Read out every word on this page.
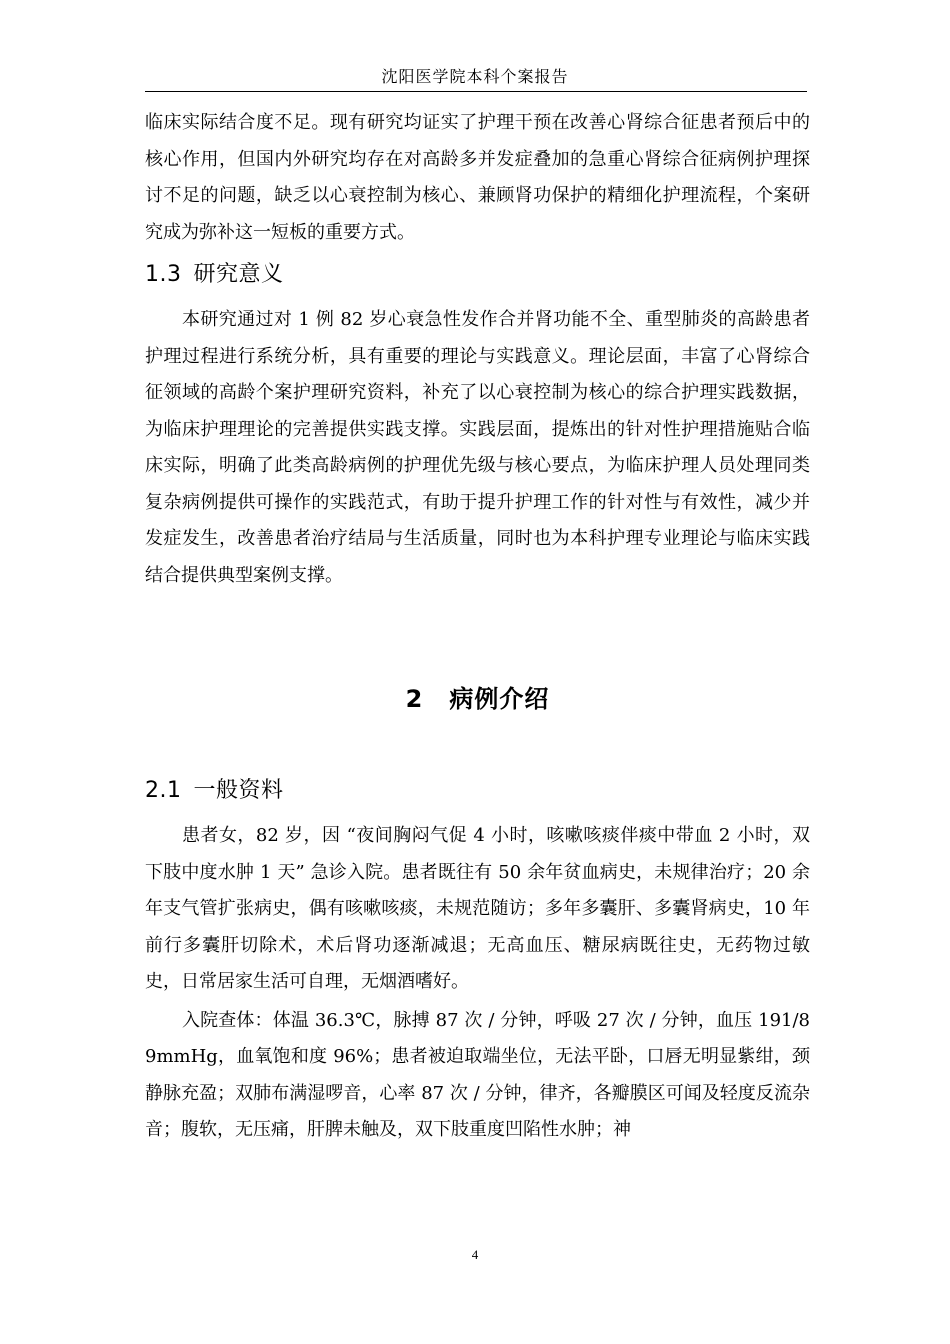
沈阳医学院本科个案报告

临床实际结合度不足。现有研究均证实了护理干预在改善心肾综合征患者预后中的核心作用，但国内外研究均存在对高龄多并发症叠加的急重心肾综合征病例护理探讨不足的问题，缺乏以心衰控制为核心、兼顾肾功保护的精细化护理流程，个案研究成为弥补这一短板的重要方式。

1.3 研究意义

本研究通过对 1 例 82 岁心衰急性发作合并肾功能不全、重型肺炎的高龄患者护理过程进行系统分析，具有重要的理论与实践意义。理论层面，丰富了心肾综合征领域的高龄个案护理研究资料，补充了以心衰控制为核心的综合护理实践数据，为临床护理理论的完善提供实践支撑。实践层面，提炼出的针对性护理措施贴合临床实际，明确了此类高龄病例的护理优先级与核心要点，为临床护理人员处理同类复杂病例提供可操作的实践范式，有助于提升护理工作的针对性与有效性，减少并发症发生，改善患者治疗结局与生活质量，同时也为本科护理专业理论与临床实践结合提供典型案例支撑。

2 病例介绍
2.1 一般资料

患者女，82 岁，因 “夜间胸闷气促 4 小时，咳嗽咳痰伴痰中带血 2 小时，双下肢中度水肿 1 天” 急诊入院。患者既往有 50 余年贫血病史，未规律治疗；20 余年支气管扩张病史，偶有咳嗽咳痰，未规范随访；多年多囊肝、多囊肾病史，10 年前行多囊肝切除术，术后肾功逐渐减退；无高血压、糖尿病既往史，无药物过敏史，日常居家生活可自理，无烟酒嗜好。

入院查体：体温 36.3℃，脉搏 87 次 / 分钟，呼吸 27 次 / 分钟，血压 191/89mmHg，血氧饱和度 96%；患者被迫取端坐位，无法平卧，口唇无明显紫绀，颈静脉充盈；双肺布满湿啰音，心率 87 次 / 分钟，律齐，各瓣膜区可闻及轻度反流杂音；腹软，无压痛，肝脾未触及，双下肢重度凹陷性水肿；神

4
